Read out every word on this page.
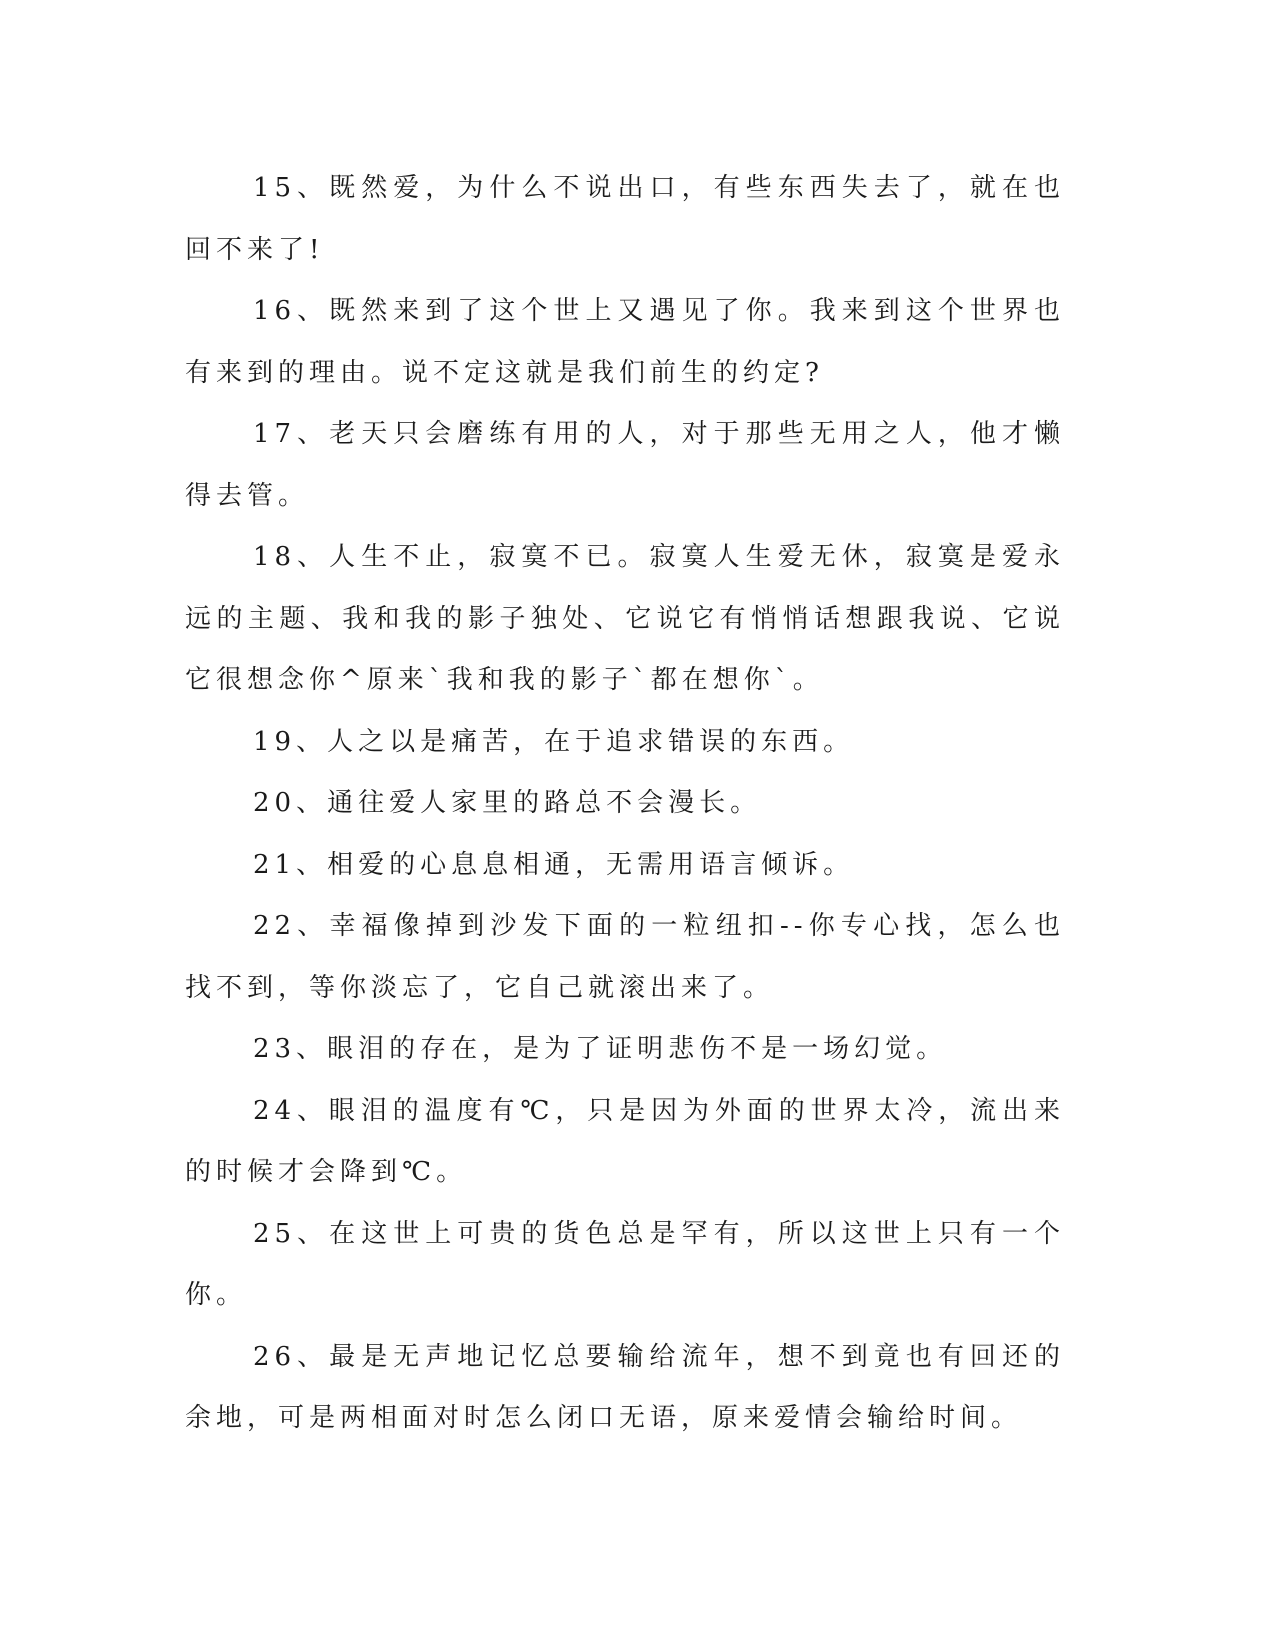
15、既然爱，为什么不说出口，有些东西失去了，就在也回不来了!

16、既然来到了这个世上又遇见了你。我来到这个世界也有来到的理由。说不定这就是我们前生的约定?

17、老天只会磨练有用的人，对于那些无用之人，他才懒得去管。

18、人生不止，寂寞不已。寂寞人生爱无休，寂寞是爱永远的主题、我和我的影子独处、它说它有悄悄话想跟我说、它说它很想念你^原来`我和我的影子`都在想你`。

19、人之以是痛苦，在于追求错误的东西。

20、通往爱人家里的路总不会漫长。

21、相爱的心息息相通，无需用语言倾诉。

22、幸福像掉到沙发下面的一粒纽扣--你专心找，怎么也找不到，等你淡忘了，它自己就滚出来了。

23、眼泪的存在，是为了证明悲伤不是一场幻觉。

24、眼泪的温度有℃，只是因为外面的世界太冷，流出来的时候才会降到℃。

25、在这世上可贵的货色总是罕有，所以这世上只有一个你。

26、最是无声地记忆总要输给流年，想不到竟也有回还的余地，可是两相面对时怎么闭口无语，原来爱情会输给时间。
